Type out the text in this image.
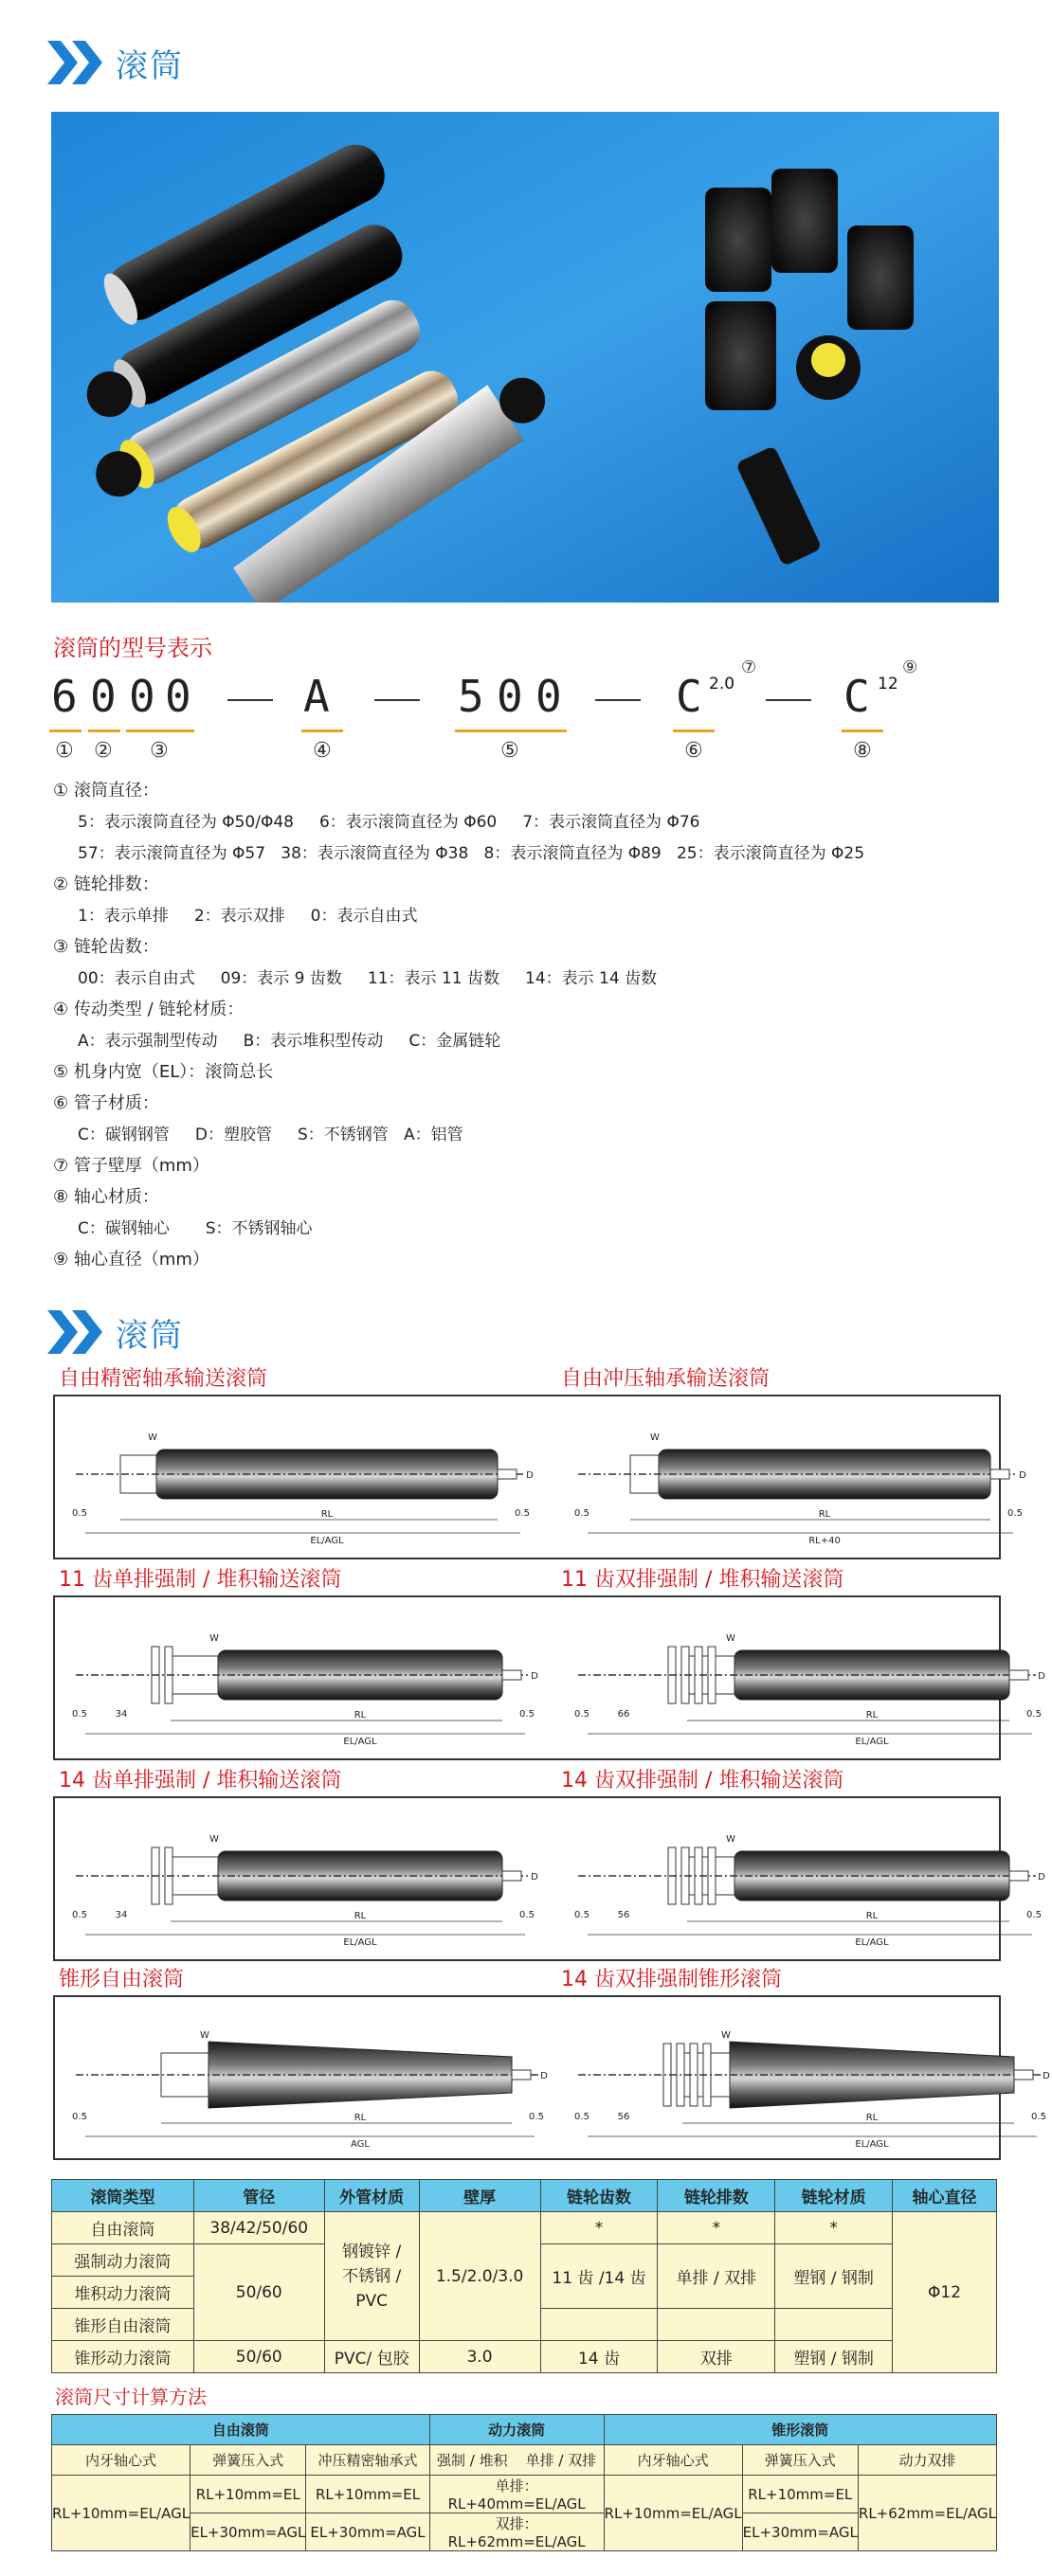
滚筒
滚筒的型号表示
6 0 0 0	A	5 0 0	C 2.0
⑦
C 12
⑨
① ② ③	④	⑤	⑥	⑧
① 滚筒直径：
5：表示滚筒直径为 Φ50/Φ48     6：表示滚筒直径为 Φ60     7：表示滚筒直径为 Φ76
57：表示滚筒直径为 Φ57   38：表示滚筒直径为 Φ38   8：表示滚筒直径为 Φ89   25：表示滚筒直径为 Φ25
② 链轮排数：
1：表示单排     2：表示双排     0：表示自由式
③ 链轮齿数：
00：表示自由式     09：表示 9 齿数     11：表示 11 齿数     14：表示 14 齿数
④ 传动类型 / 链轮材质：
A：表示强制型传动     B：表示堆积型传动     C：金属链轮
⑤ 机身内宽（EL）：滚筒总长
⑥ 管子材质：
C：碳钢钢管     D：塑胶管     S：不锈钢管   A：铝管
⑦ 管子壁厚（mm）
⑧ 轴心材质：
C：碳钢轴心       S：不锈钢轴心
⑨ 轴心直径（mm）
滚筒
自由精密轴承输送滚筒	自由冲压轴承输送滚筒
11 齿单排强制 / 堆积输送滚筒	11 齿双排强制 / 堆积输送滚筒
14 齿单排强制 / 堆积输送滚筒	14 齿双排强制 / 堆积输送滚筒
锥形自由滚筒	14 齿双排强制锥形滚筒
RL
EL/AGL
D
W
0.5	0.5	RL
RL+40
D
W
0.5	0.5
RL
EL/AGL
D
W
0.5	0.5
34	RL
EL/AGL
D
W
0.5	0.5
66
RL
EL/AGL
D
W
0.5	0.5
34	RL
EL/AGL
D
W
0.5	0.5
56
RL
AGL
D
W
0.5	0.5	RL
EL/AGL
D
W
0.5	0.5
56
滚筒类型	管径	外管材质	壁厚	链轮齿数	链轮排数	链轮材质	轴心直径
自由滚筒	38/42/50/60	钢镀锌 /
不锈钢 /
PVC	1.5/2.0/3.0	*	*	*	Φ12
强制动力滚筒	50/60			11 齿 /14 齿	单排 / 双排	塑钢 / 钢制	
堆积动力滚筒							
锥形自由滚筒							
锥形动力滚筒	50/60	PVC/ 包胶	3.0	14 齿	双排	塑钢 / 钢制	
滚筒尺寸计算方法
自由滚筒			动力滚筒	锥形滚筒		
内牙轴心式	弹簧压入式	冲压精密轴承式	强制 / 堆积    单排 / 双排	内牙轴心式	弹簧压入式	动力双排
RL+10mm=EL/AGL	RL+10mm=EL	RL+10mm=EL	单排：RL+40mm=EL/AGL	RL+10mm=EL/AGL	RL+10mm=EL	RL+62mm=EL/AGL
	EL+30mm=AGL	EL+30mm=AGL	双排：RL+62mm=EL/AGL		EL+30mm=AGL	
